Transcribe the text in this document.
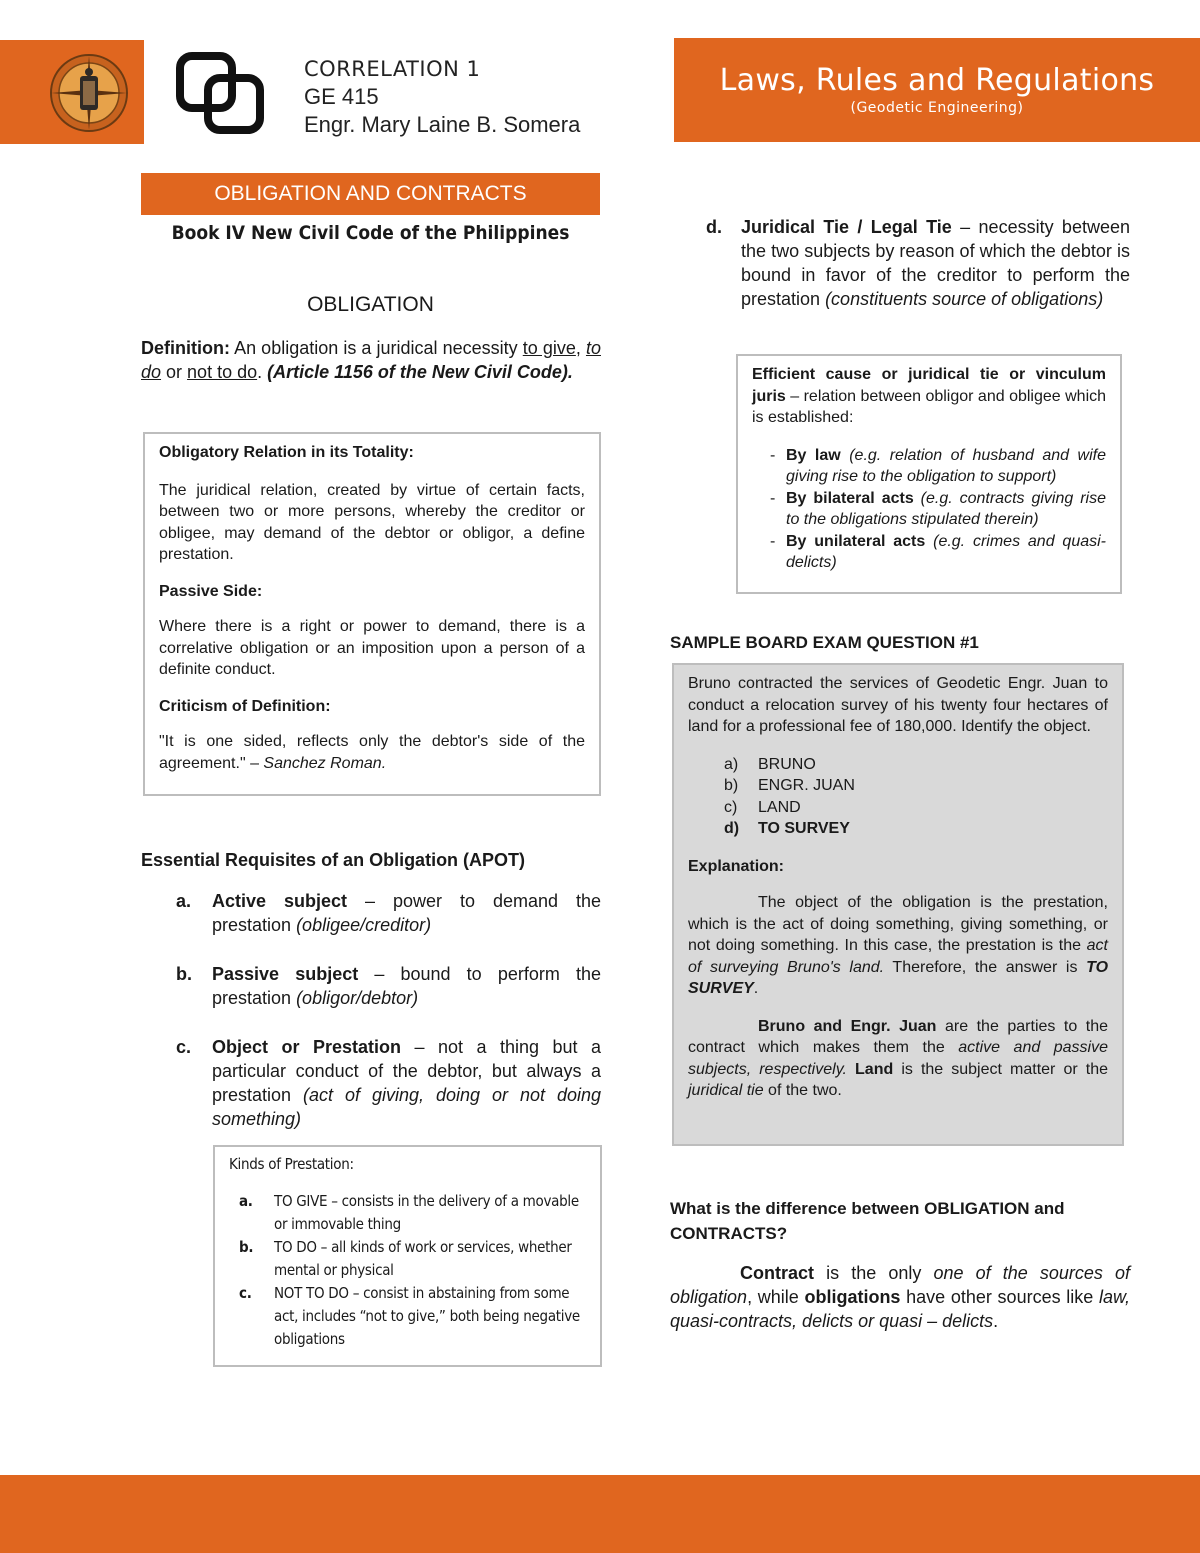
CORRELATION 1
GE 415
Engr. Mary Laine B. Somera
Laws, Rules and Regulations
(Geodetic Engineering)
OBLIGATION AND CONTRACTS
Book IV New Civil Code of the Philippines
OBLIGATION
Definition: An obligation is a juridical necessity to give, to do or not to do. (Article 1156 of the New Civil Code).
Obligatory Relation in its Totality:

The juridical relation, created by virtue of certain facts, between two or more persons, whereby the creditor or obligee, may demand of the debtor or obligor, a define prestation.

Passive Side:

Where there is a right or power to demand, there is a correlative obligation or an imposition upon a person of a definite conduct.

Criticism of Definition:

"It is one sided, reflects only the debtor's side of the agreement." – Sanchez Roman.

Essential Requisites of an Obligation (APOT)
a. Active subject – power to demand the prestation (obligee/creditor)
b. Passive subject – bound to perform the prestation (obligor/debtor)
c. Object or Prestation – not a thing but a particular conduct of the debtor, but always a prestation (act of giving, doing or not doing something)
Kinds of Prestation:
a. TO GIVE – consists in the delivery of a movable or immovable thing
b. TO DO – all kinds of work or services, whether mental or physical
c. NOT TO DO – consist in abstaining from some act, includes “not to give,” both being negative obligations
d. Juridical Tie / Legal Tie – necessity between the two subjects by reason of which the debtor is bound in favor of the creditor to perform the prestation (constituents source of obligations)
Efficient cause or juridical tie or vinculum juris – relation between obligor and obligee which is established:
- By law (e.g. relation of husband and wife giving rise to the obligation to support)
- By bilateral acts (e.g. contracts giving rise to the obligations stipulated therein)
- By unilateral acts (e.g. crimes and quasi-delicts)
SAMPLE BOARD EXAM QUESTION #1

Bruno contracted the services of Geodetic Engr. Juan to conduct a relocation survey of his twenty four hectares of land for a professional fee of 180,000. Identify the object.

a) BRUNO
b) ENGR. JUAN
c) LAND
d) TO SURVEY

Explanation:

The object of the obligation is the prestation, which is the act of doing something, giving something, or not doing something. In this case, the prestation is the act of surveying Bruno's land. Therefore, the answer is TO SURVEY.

Bruno and Engr. Juan are the parties to the contract which makes them the active and passive subjects, respectively. Land is the subject matter or the juridical tie of the two.

What is the difference between OBLIGATION and CONTRACTS?
Contract is the only one of the sources of obligation, while obligations have other sources like law, quasi-contracts, delicts or quasi – delicts.
